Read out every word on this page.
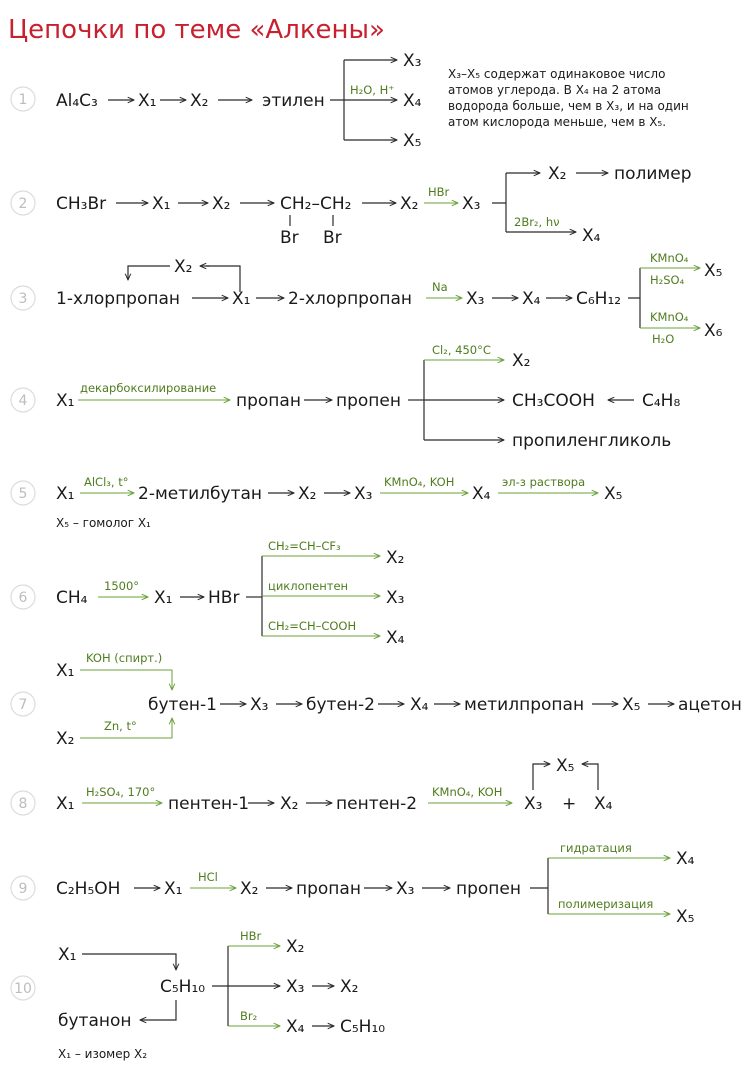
Цепочки по теме «Алкены»
1 Al₄C₃ X₁ X₂	этилен
H₂O, H⁺
X₃
X₄
X₅
X₃–X₅ содержат одинаковое число
атомов углерода. В X₄ на 2 атома
водорода больше, чем в X₃, и на один
атом кислорода меньше, чем в X₅.
2 CH₃Br	X₁ X₂	CH₂–CH₂
Br Br
X₂
HBr
X₃
X₂	полимер
2Br₂, hν
X₄
3
X₂
1-хлорпропан	X₁ 2-хлорпропан
Na
X₃ X₄ C₆H₁₂
KMnO₄
H₂SO₄ X₅
KMnO₄
H₂O X₆
4 X₁
декарбоксилирование
пропан пропен
Cl₂, 450°C
X₂
CH₃COOH	C₄H₈
пропиленгликоль
5 X₁
AlCl₃, t°
2-метилбутан X₂ X₃
KMnO₄, KOH
X₄
эл-з раствора
X₅
X₅ – гомолог X₁
6 CH₄
1500°
X₁ HBr
CH₂=CH–CF₃
X₂
циклопентен
X₃
CH₂=CH–COOH
X₄
7
X₁
KOH (спирт.)
X₂
Zn, t°
бутен-1 X₃ бутен-2 X₄ метилпропан X₅ ацетон
8 X₁
H₂SO₄, 170°
пентен-1 X₂ пентен-2
KMnO₄, KOH
X₃ + X₄
X₅
9 C₂H₅OH	X₁
HCl
X₂ пропан X₃ пропен
гидратация
X₄
полимеризация
X₅
10
X₁
C₅H₁₀
бутанон
HBr
X₂
X₃ X₂
Br₂
X₄ C₅H₁₀
X₁ – изомер X₂
